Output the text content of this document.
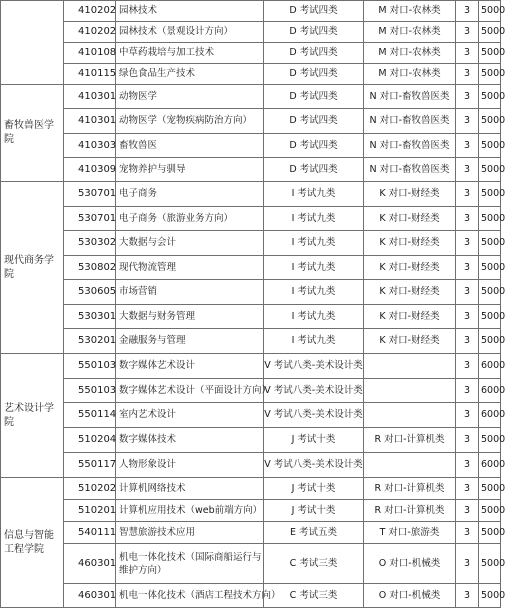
	410202	园林技术	D 考试四类	M 对口-农林类	3	5000
	410202	园林技术（景观设计方向）	D 考试四类	M 对口-农林类	3	5000
	410108	中草药栽培与加工技术	D 考试四类	M 对口-农林类	3	5000
	410115	绿色食品生产技术	D 考试四类	M 对口-农林类	3	5000
畜牧兽医学院	410301	动物医学	D 考试四类	N 对口-畜牧兽医类	3	5000
	410301	动物医学（宠物疾病防治方向）	D 考试四类	N 对口-畜牧兽医类	3	5000
	410303	畜牧兽医	D 考试四类	N 对口-畜牧兽医类	3	5000
	410309	宠物养护与驯导	D 考试四类	N 对口-畜牧兽医类	3	5000
现代商务学院	530701	电子商务	I 考试九类	K 对口-财经类	3	5000
	530701	电子商务（旅游业务方向）	I 考试九类	K 对口-财经类	3	5000
	530302	大数据与会计	I 考试九类	K 对口-财经类	3	5000
	530802	现代物流管理	I 考试九类	K 对口-财经类	3	5000
	530605	市场营销	I 考试九类	K 对口-财经类	3	5000
	530301	大数据与财务管理	I 考试九类	K 对口-财经类	3	5000
	530201	金融服务与管理	I 考试九类	K 对口-财经类	3	5000
艺术设计学院	550103	数字媒体艺术设计	V 考试八类-美术设计类		3	6000
	550103	数字媒体艺术设计（平面设计方向）	V 考试八类-美术设计类		3	6000
	550114	室内艺术设计	V 考试八类-美术设计类		3	6000
	510204	数字媒体技术	J 考试十类	R 对口-计算机类	3	5000
	550117	人物形象设计	V 考试八类-美术设计类		3	6000
信息与智能工程学院	510202	计算机网络技术	J 考试十类	R 对口-计算机类	3	5000
	510201	计算机应用技术（web前端方向）	J 考试十类	R 对口-计算机类	3	5000
	540111	智慧旅游技术应用	E 考试五类	T 对口-旅游类	3	5000
	460301	机电一体化技术（国际商船运行与维护方向）	C 考试三类	O 对口-机械类	3	5000
	460301	机电一体化技术（酒店工程技术方向）	C 考试三类	O 对口-机械类	3	5000
